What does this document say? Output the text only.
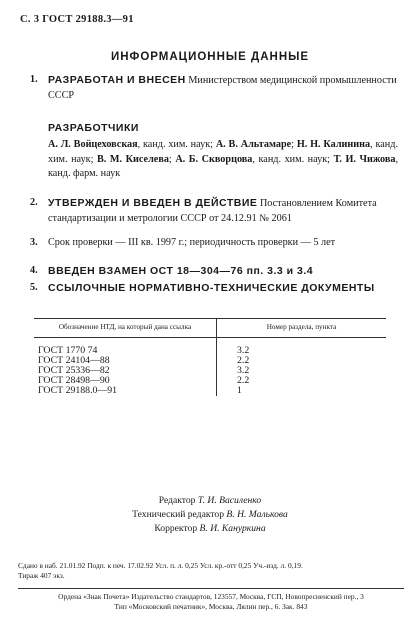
С. 3 ГОСТ 29188.3—91
ИНФОРМАЦИОННЫЕ ДАННЫЕ
1. РАЗРАБОТАН И ВНЕСЕН Министерством медицинской промышленности СССР
РАЗРАБОТЧИКИ
А. Л. Войцеховская, канд. хим. наук; А. В. Альтамаре; Н. Н. Калинина, канд. хим. наук; В. М. Киселева; А. Б. Скворцова, канд. хим. наук; Т. И. Чижова, канд. фарм. наук
2. УТВЕРЖДЕН И ВВЕДЕН В ДЕЙСТВИЕ Постановлением Комитета стандартизации и метрологии СССР от 24.12.91 № 2061
3.	Срок проверки — III кв. 1997 г.; периодичность проверки — 5 лет
4. ВВЕДЕН ВЗАМЕН ОСТ 18—304—76 пп. 3.3 и 3.4
5. ССЫЛОЧНЫЕ НОРМАТИВНО-ТЕХНИЧЕСКИЕ ДОКУМЕНТЫ
Обозначение НТД, на который дана ссылка	Номер раздела, пункта
ГОСТ 1770 74	3.2
ГОСТ 24104—88	2.2
ГОСТ 25336—82	3.2
ГОСТ 28498—90	2.2
ГОСТ 29188.0—91	1
Редактор Т. И. Василенко
Технический редактор В. Н. Малькова
Корректор В. И. Кануркина
Сдано в наб. 21.01.92 Подп. к печ. 17.02.92 Усл. п. л. 0,25 Усл. кр.-отт 0,25 Уч.-изд. л. 0,19.
Тираж 407 экз.
Ордена «Знак Почета» Издательство стандартов, 123557, Москва, ГСП, Новопресненский пер., 3
Тип «Московский печатник», Москва, Лялин пер., 6. Зак. 843
